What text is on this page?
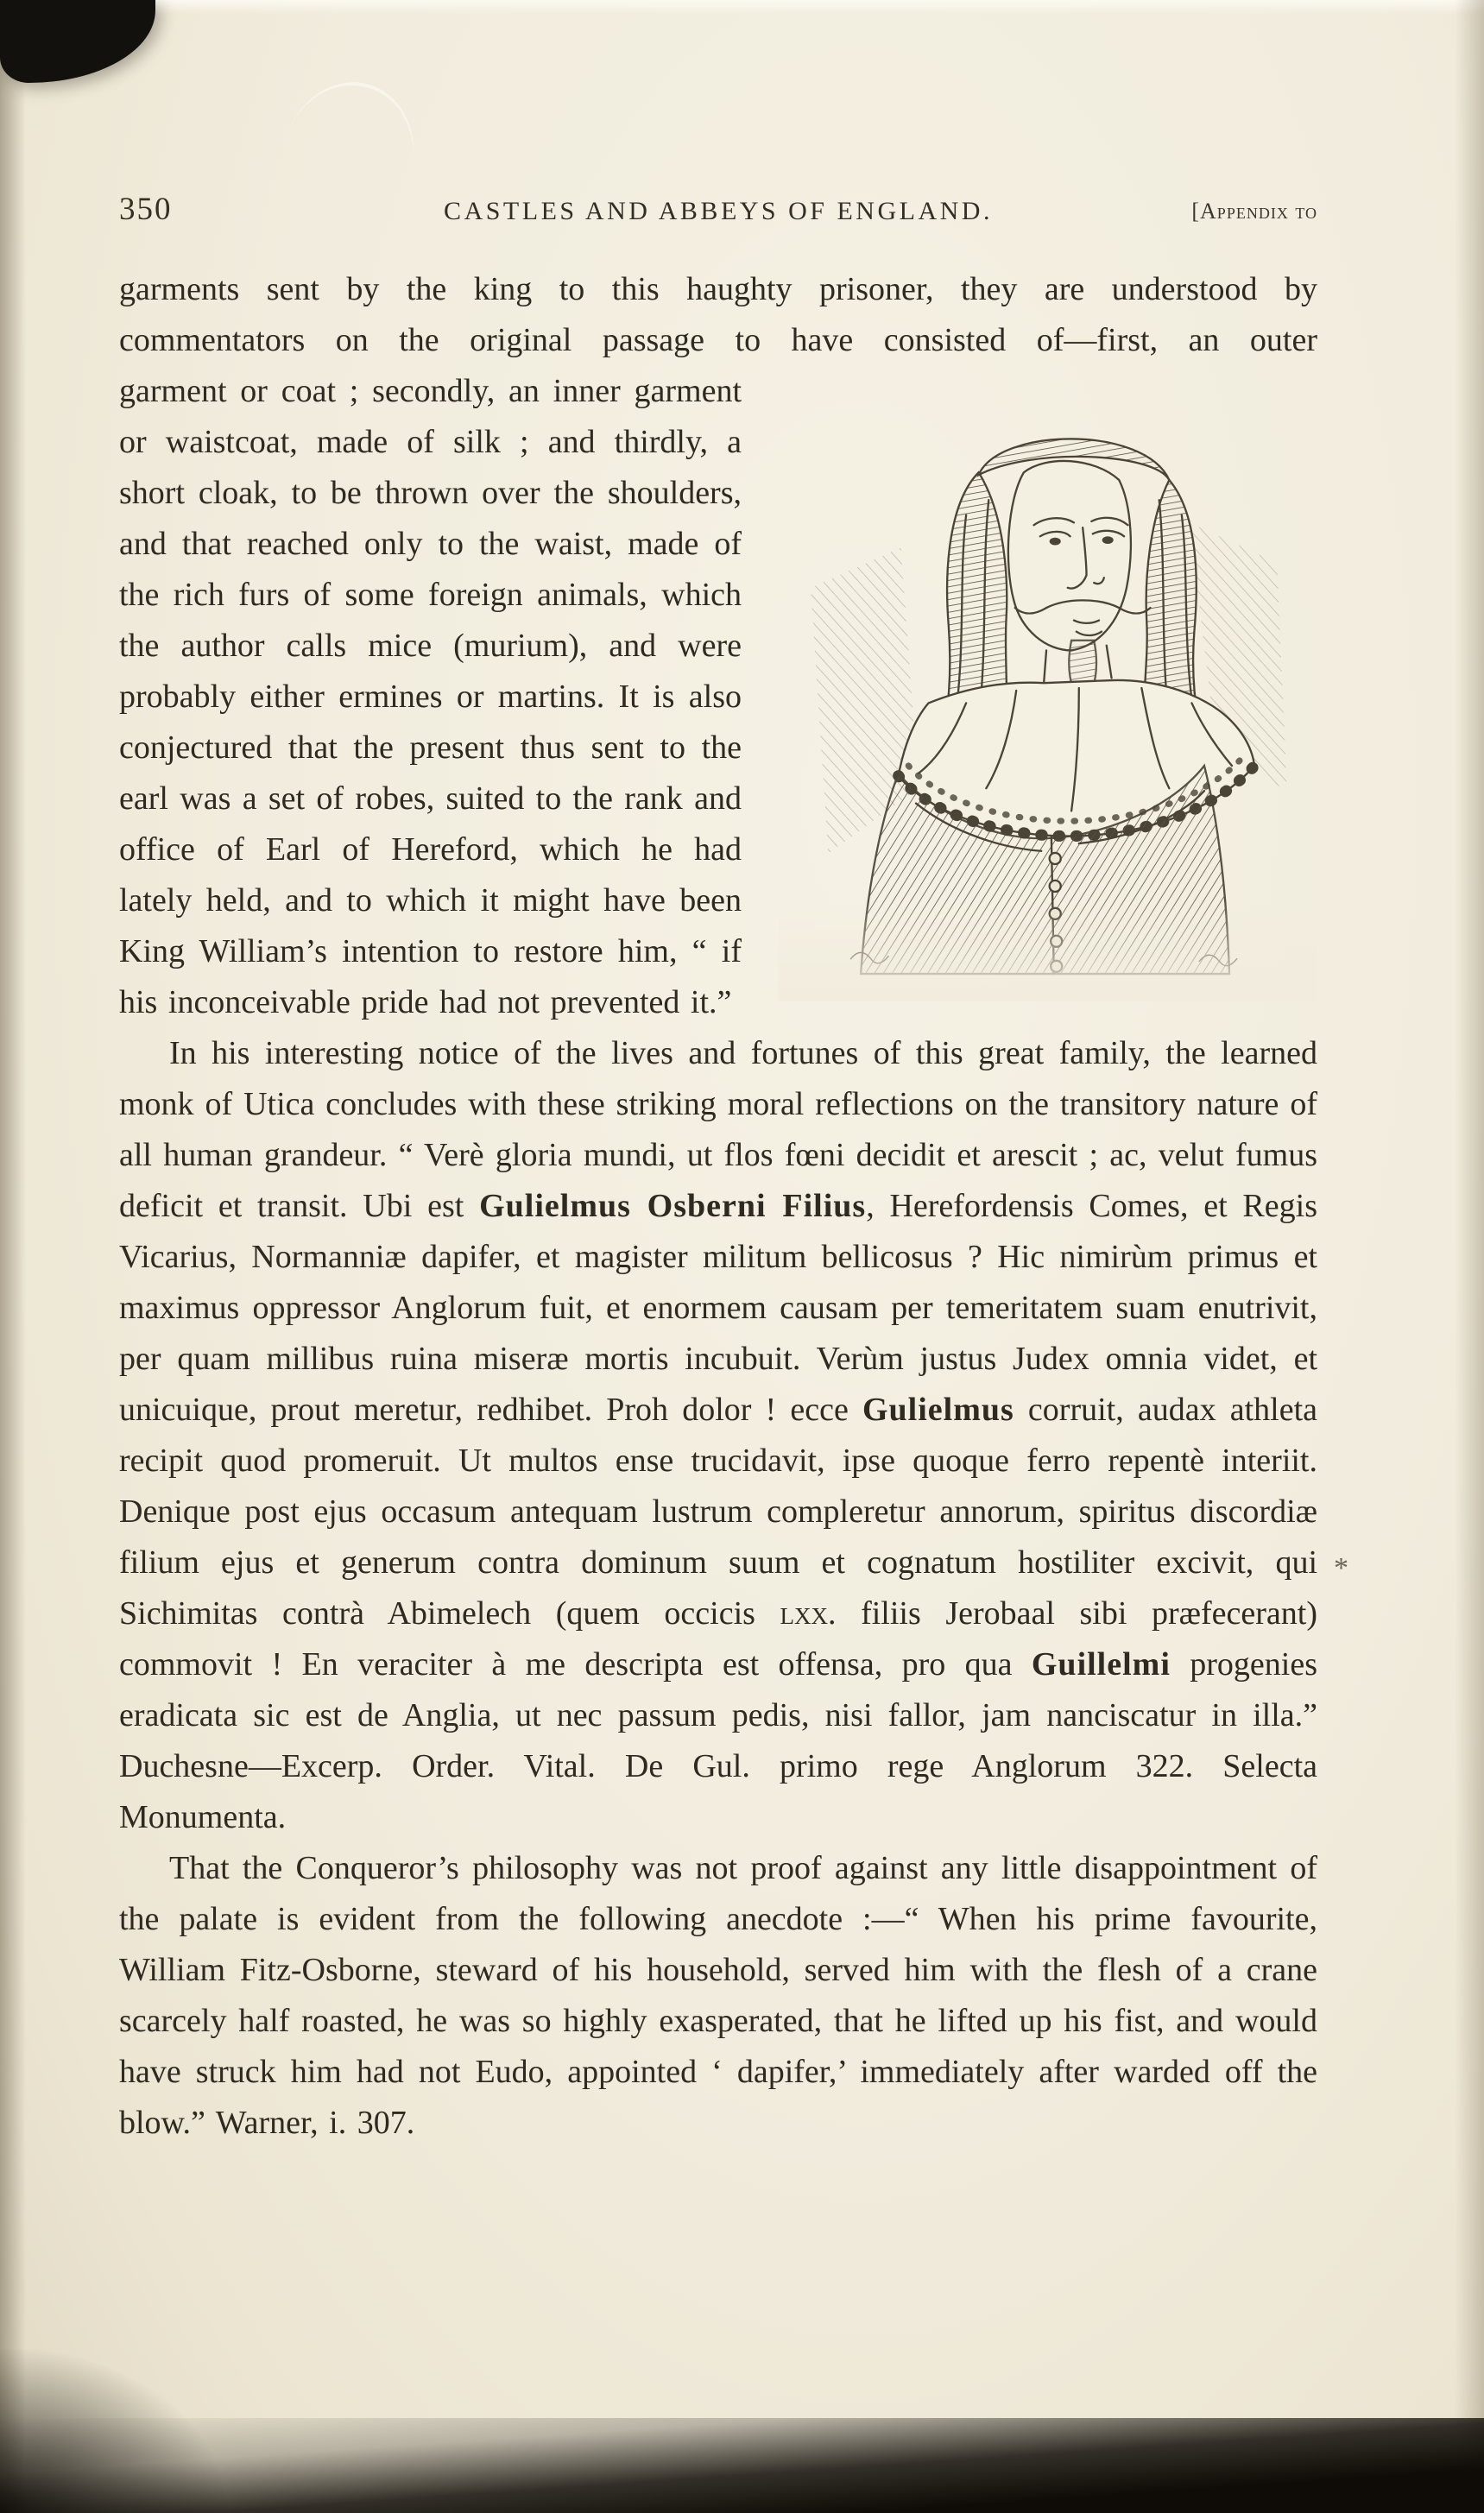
*
350	CASTLES AND ABBEYS OF ENGLAND.	[Appendix to

garments sent by the king to this haughty prisoner, they are understood by commentators on the original passage to have consisted of—first, an outer

garment or coat ; secondly, an inner garment or waistcoat, made of silk ; and thirdly, a short cloak, to be thrown over the shoulders, and that reached only to the waist, made of the rich furs of some foreign animals, which the author calls mice (murium), and were probably either ermines or martins. It is also conjectured that the present thus sent to the earl was a set of robes, suited to the rank and office of Earl of Hereford, which he had lately held, and to which it might have been King William’s intention to restore him, “ if his inconceivable pride had not prevented it.”

In his interesting notice of the lives and fortunes of this great family, the learned monk of Utica concludes with these striking moral reflections on the transitory nature of all human grandeur. “ Verè gloria mundi, ut flos fœni decidit et arescit ; ac, velut fumus deficit et transit. Ubi est Gulielmus Osberni Filius, Herefordensis Comes, et Regis Vicarius, Normanniæ dapifer, et magister militum bellicosus ? Hic nimirùm primus et maximus oppressor Anglorum fuit, et enormem causam per temeritatem suam enutrivit, per quam millibus ruina miseræ mortis incubuit. Verùm justus Judex omnia videt, et unicuique, prout meretur, redhibet. Proh dolor ! ecce Gulielmus corruit, audax athleta recipit quod promeruit. Ut multos ense trucidavit, ipse quoque ferro repentè interiit. Denique post ejus occasum antequam lustrum compleretur annorum, spiritus discordiæ filium ejus et generum contra dominum suum et cognatum hostiliter excivit, qui Sichimitas contrà Abimelech (quem occicis lxx. filiis Jerobaal sibi præfecerant) commovit ! En veraciter à me descripta est offensa, pro qua Guillelmi progenies eradicata sic est de Anglia, ut nec passum pedis, nisi fallor, jam nanciscatur in illa.” Duchesne—Excerp. Order. Vital. De Gul. primo rege Anglorum 322. Selecta Monumenta.

That the Conqueror’s philosophy was not proof against any little disappointment of the palate is evident from the following anecdote :—“ When his prime favourite, William Fitz-Osborne, steward of his household, served him with the flesh of a crane scarcely half roasted, he was so highly exasperated, that he lifted up his fist, and would have struck him had not Eudo, appointed ‘ dapifer,’ immediately after warded off the blow.” Warner, i. 307.
